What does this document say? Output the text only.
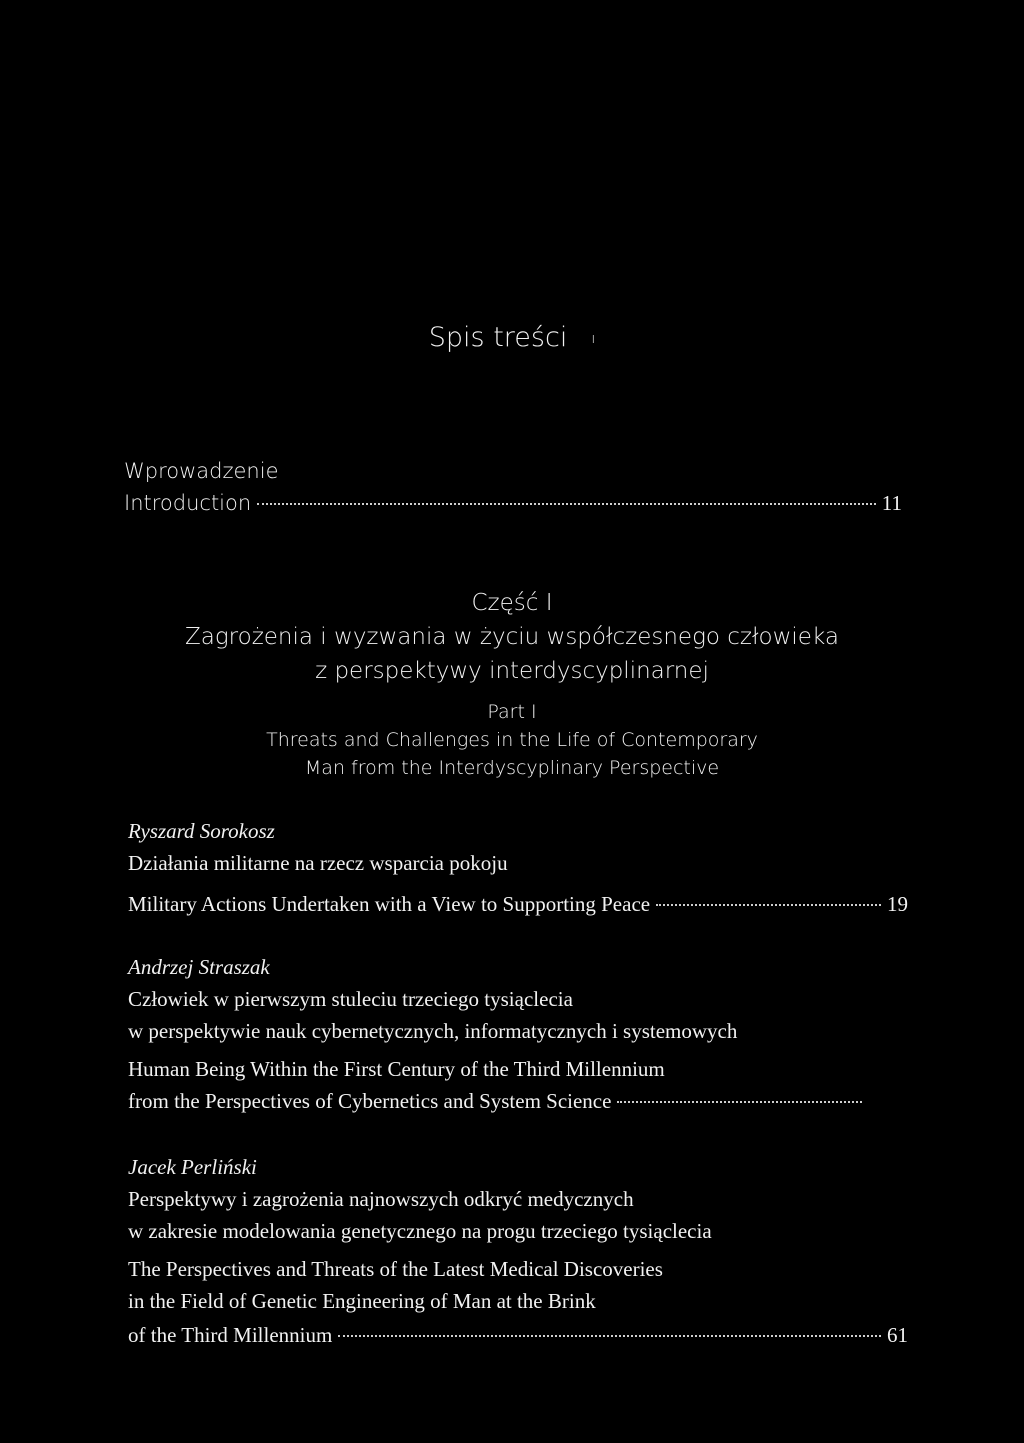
Spis treści ı
Wprowadzenie
Introduction	11
Część I
Zagrożenia i wyzwania w życiu współczesnego człowieka
z perspektywy interdyscyplinarnej
Part I
Threats and Challenges in the Life of Contemporary
Man from the Interdyscyplinary Perspective
Ryszard Sorokosz
Działania militarne na rzecz wsparcia pokoju
Military Actions Undertaken with a View to Supporting Peace	19
Andrzej Straszak
Człowiek w pierwszym stuleciu trzeciego tysiąclecia
w perspektywie nauk cybernetycznych, informatycznych i systemowych
Human Being Within the First Century of the Third Millennium
from the Perspectives of Cybernetics and System Science
Jacek Perliński
Perspektywy i zagrożenia najnowszych odkryć medycznych
w zakresie modelowania genetycznego na progu trzeciego tysiąclecia
The Perspectives and Threats of the Latest Medical Discoveries
in the Field of Genetic Engineering of Man at the Brink
of the Third Millennium	61
